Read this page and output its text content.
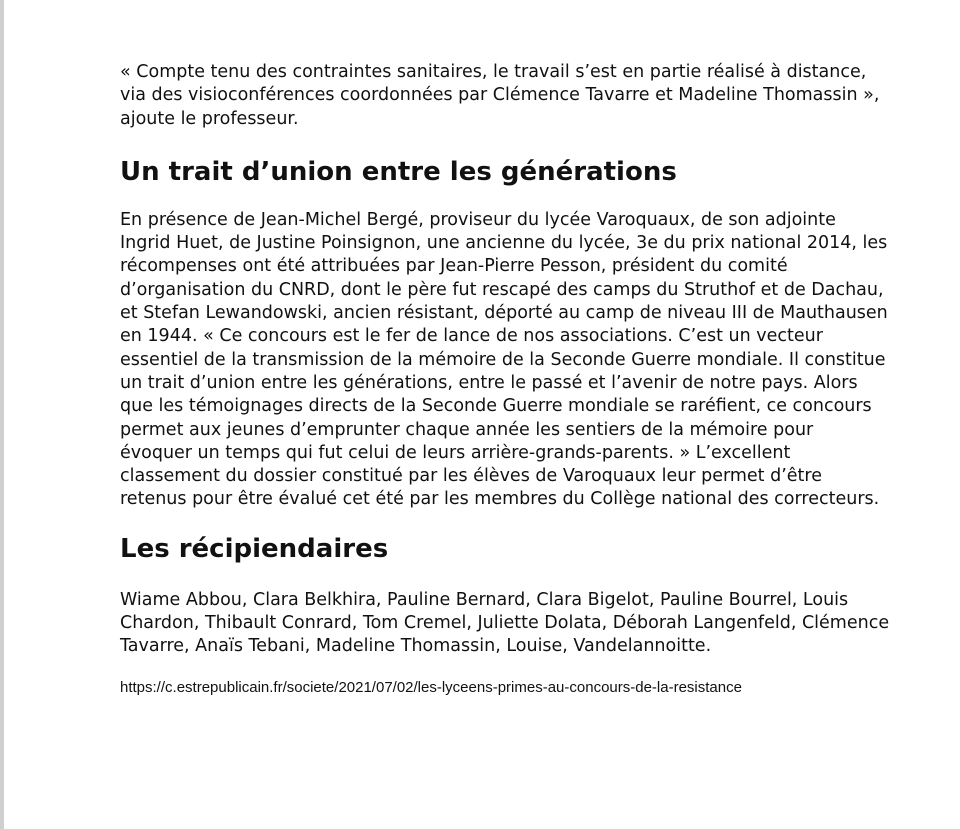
« Compte tenu des contraintes sanitaires, le travail s’est en partie réalisé à distance, via des visioconférences coordonnées par Clémence Tavarre et Madeline Thomassin », ajoute le professeur.

Un trait d’union entre les générations

En présence de Jean-Michel Bergé, proviseur du lycée Varoquaux, de son adjointe Ingrid Huet, de Justine Poinsignon, une ancienne du lycée, 3e du prix national 2014, les récompenses ont été attribuées par Jean-Pierre Pesson, président du comité d’organisation du CNRD, dont le père fut rescapé des camps du Struthof et de Dachau, et Stefan Lewandowski, ancien résistant, déporté au camp de niveau III de Mauthausen en 1944. « Ce concours est le fer de lance de nos associations. C’est un vecteur essentiel de la transmission de la mémoire de la Seconde Guerre mondiale. Il constitue un trait d’union entre les générations, entre le passé et l’avenir de notre pays. Alors que les témoignages directs de la Seconde Guerre mondiale se raréfient, ce concours permet aux jeunes d’emprunter chaque année les sentiers de la mémoire pour évoquer un temps qui fut celui de leurs arrière-grands-parents. » L’excellent classement du dossier constitué par les élèves de Varoquaux leur permet d’être retenus pour être évalué cet été par les membres du Collège national des correcteurs.

Les récipiendaires

Wiame Abbou, Clara Belkhira, Pauline Bernard, Clara Bigelot, Pauline Bourrel, Louis Chardon, Thibault Conrard, Tom Cremel, Juliette Dolata, Déborah Langenfeld, Clémence Tavarre, Anaïs Tebani, Madeline Thomassin, Louise, Vandelannoitte.

https://c.estrepublicain.fr/societe/2021/07/02/les-lyceens-primes-au-concours-de-la-resistance
